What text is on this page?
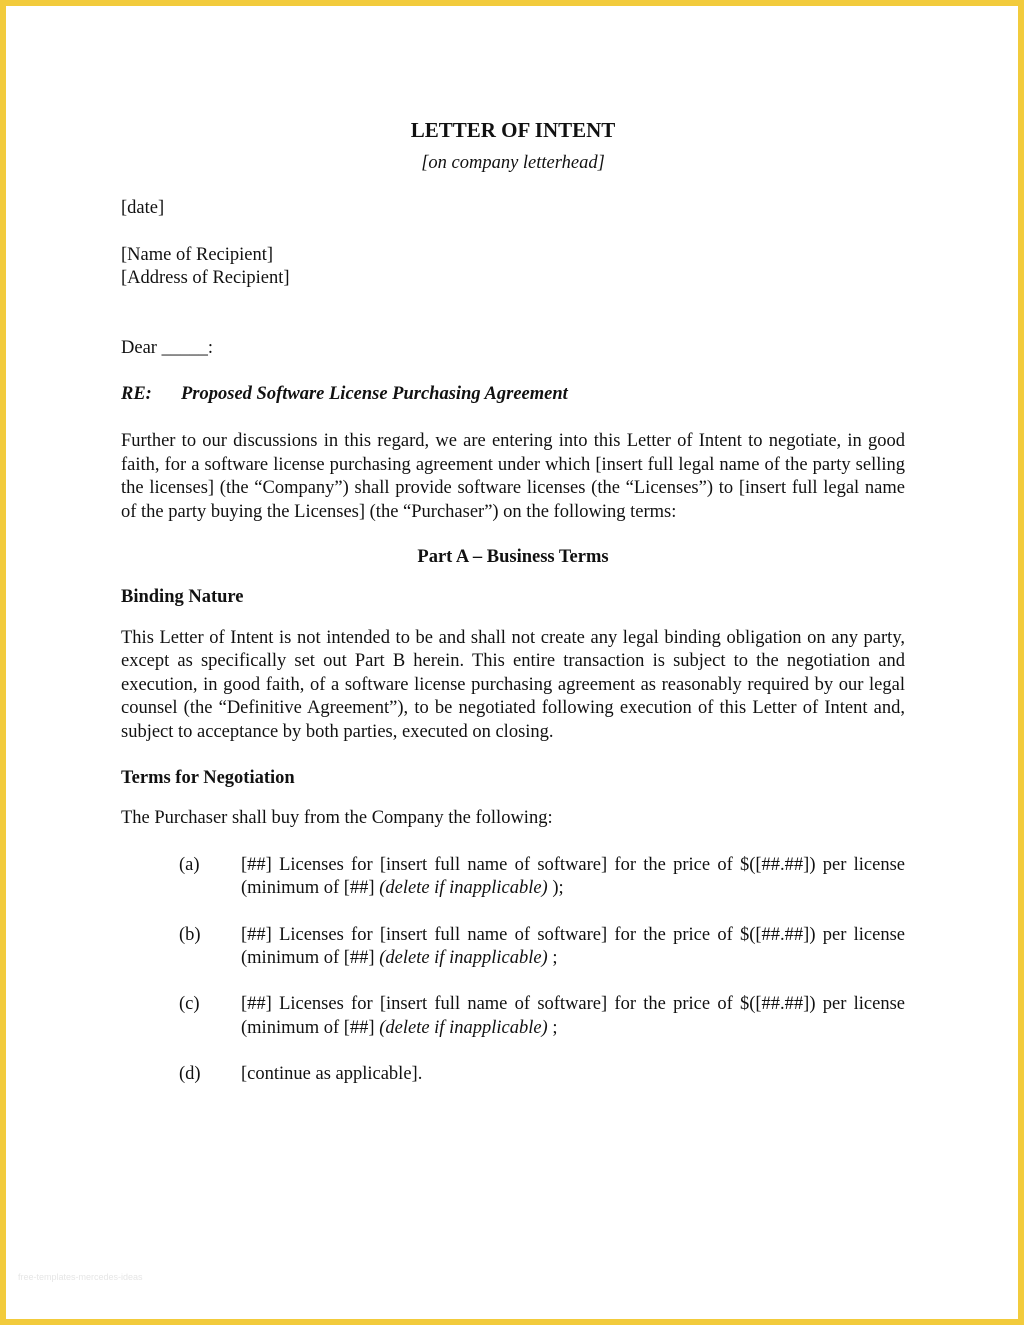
LETTER OF INTENT
[on company letterhead]

[date]

[Name of Recipient]

[Address of Recipient]

Dear _____:

RE:	Proposed Software License Purchasing Agreement

Further to our discussions in this regard, we are entering into this Letter of Intent to negotiate, in good faith, for a software license purchasing agreement under which [insert full legal name of the party selling the licenses] (the “Company”) shall provide software licenses (the “Licenses”) to [insert full legal name of the party buying the Licenses] (the “Purchaser”) on the following terms:

Part A – Business Terms
Binding Nature

This Letter of Intent is not intended to be and shall not create any legal binding obligation on any party, except as specifically set out Part B herein. This entire transaction is subject to the negotiation and execution, in good faith, of a software license purchasing agreement as reasonably required by our legal counsel (the “Definitive Agreement”), to be negotiated following execution of this Letter of Intent and, subject to acceptance by both parties, executed on closing.

Terms for Negotiation

The Purchaser shall buy from the Company the following:

(a)	[##] Licenses for [insert full name of software] for the price of $([##.##]) per license (minimum of [##] (delete if inapplicable) );
(b)	[##] Licenses for [insert full name of software] for the price of $([##.##]) per license (minimum of [##] (delete if inapplicable) ;
(c)	[##] Licenses for [insert full name of software] for the price of $([##.##]) per license (minimum of [##] (delete if inapplicable) ;
(d)	[continue as applicable].
free-templates-mercedes-ideas
